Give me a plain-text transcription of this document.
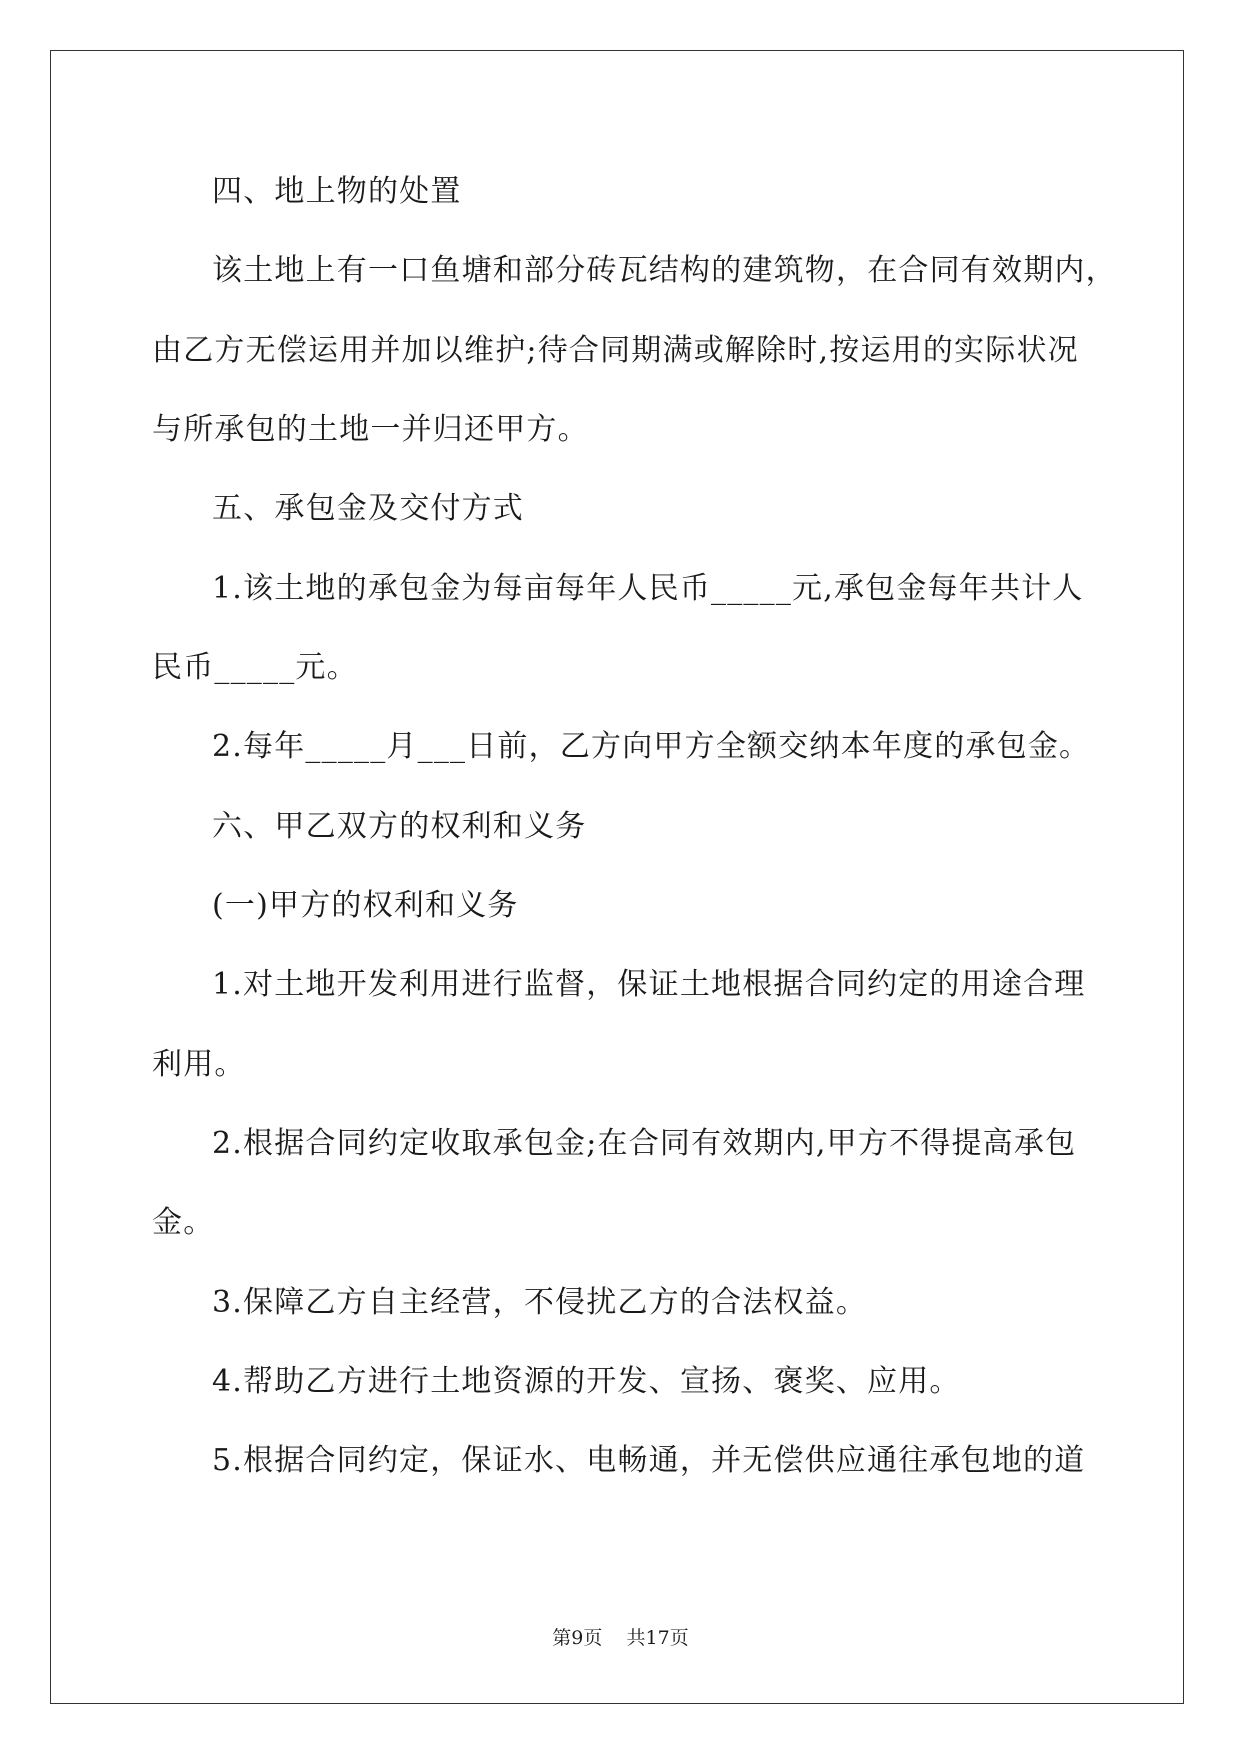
四、地上物的处置
该土地上有一口鱼塘和部分砖瓦结构的建筑物，在合同有效期内，
由乙方无偿运用并加以维护;待合同期满或解除时,按运用的实际状况
与所承包的土地一并归还甲方。
五、承包金及交付方式
1.该土地的承包金为每亩每年人民币_____元,承包金每年共计人
民币_____元。
2.每年_____月___日前，乙方向甲方全额交纳本年度的承包金。
六、甲乙双方的权利和义务
(一)甲方的权利和义务
1.对土地开发利用进行监督，保证土地根据合同约定的用途合理
利用。
2.根据合同约定收取承包金;在合同有效期内,甲方不得提高承包
金。
3.保障乙方自主经营，不侵扰乙方的合法权益。
4.帮助乙方进行土地资源的开发、宣扬、褒奖、应用。
5.根据合同约定，保证水、电畅通，并无偿供应通往承包地的道
第9页    共17页
